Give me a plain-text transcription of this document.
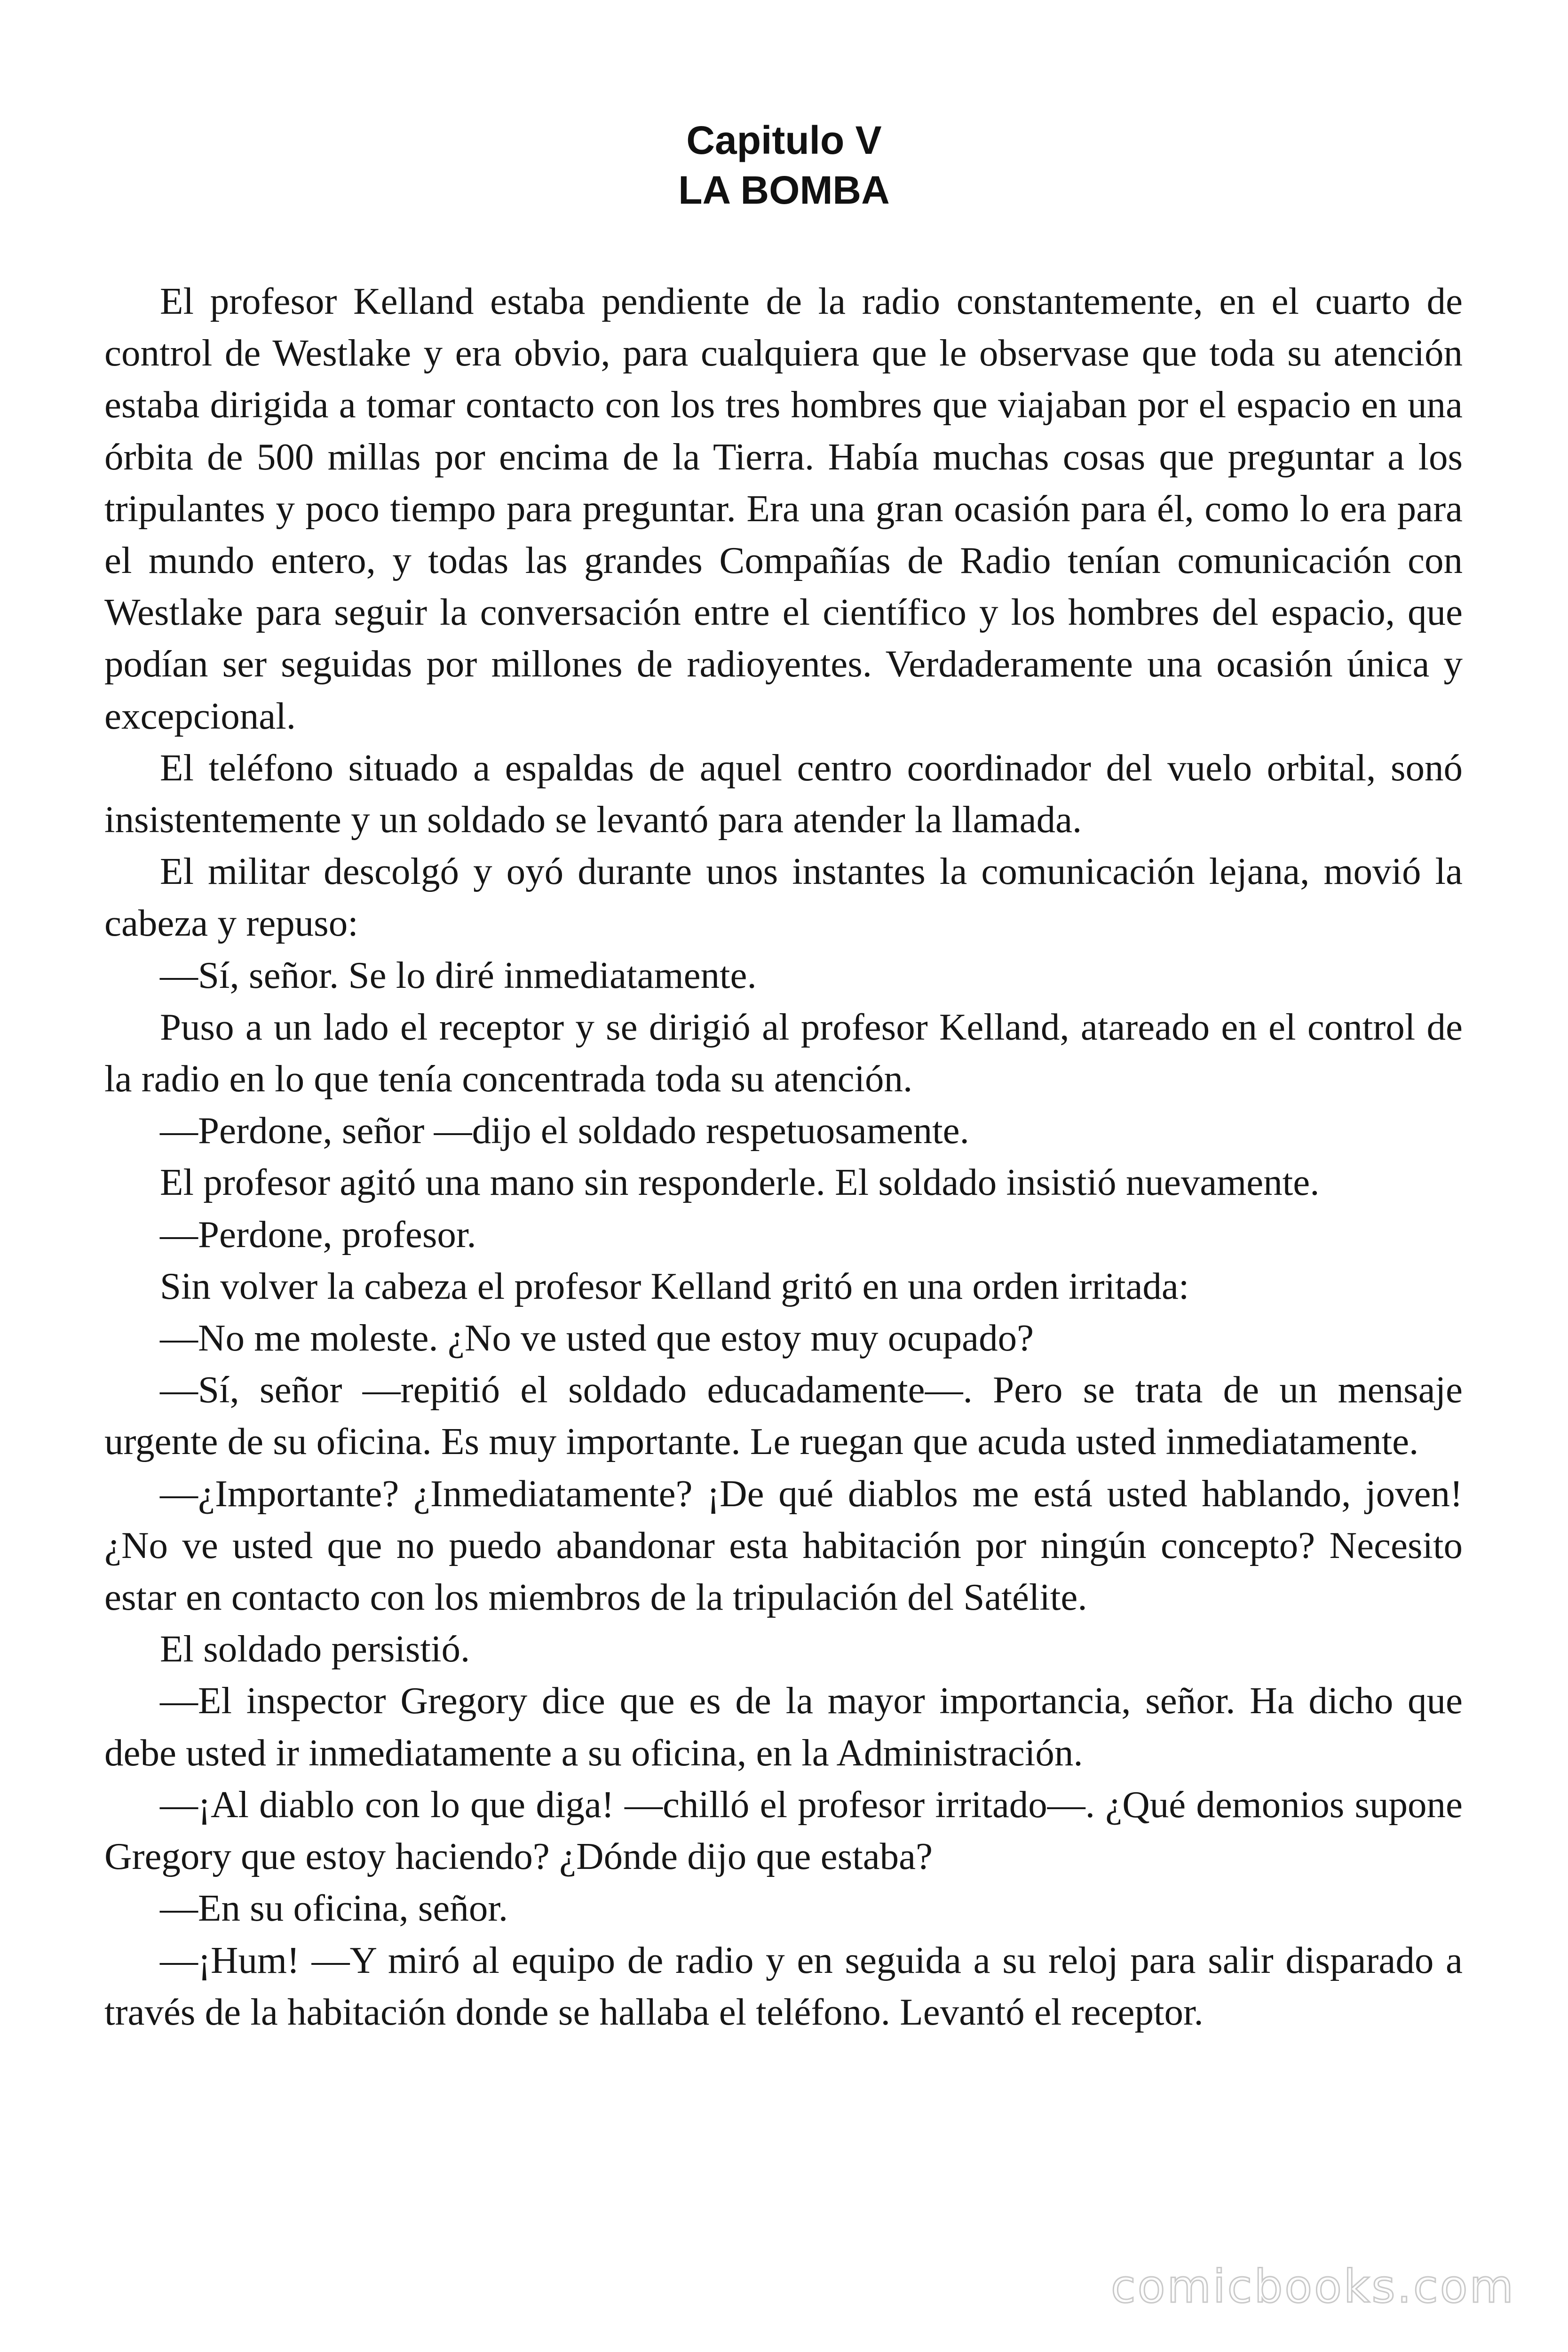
Capitulo V
LA BOMBA

El profesor Kelland estaba pendiente de la radio constantemente, en el cuarto de control de Westlake y era obvio, para cualquiera que le observase que toda su atención estaba dirigida a tomar contacto con los tres hombres que viajaban por el espacio en una órbita de 500 millas por encima de la Tierra. Había muchas cosas que preguntar a los tripulantes y poco tiempo para preguntar. Era una gran ocasión para él, como lo era para el mundo entero, y todas las grandes Compañías de Radio tenían comunicación con Westlake para seguir la conversación entre el científico y los hombres del espacio, que podían ser seguidas por millones de radioyentes. Verdaderamente una ocasión única y excepcional.

El teléfono situado a espaldas de aquel centro coordinador del vuelo orbital, sonó insistentemente y un soldado se levantó para atender la llamada.

El militar descolgó y oyó durante unos instantes la comunicación lejana, movió la cabeza y repuso:

—Sí, señor. Se lo diré inmediatamente.

Puso a un lado el receptor y se dirigió al profesor Kelland, atareado en el control de la radio en lo que tenía concentrada toda su atención.

—Perdone, señor —dijo el soldado respetuosamente.

El profesor agitó una mano sin responderle. El soldado insistió nuevamente.

—Perdone, profesor.

Sin volver la cabeza el profesor Kelland gritó en una orden irritada:

—No me moleste. ¿No ve usted que estoy muy ocupado?

—Sí, señor —repitió el soldado educadamente—. Pero se trata de un mensaje urgente de su oficina. Es muy importante. Le ruegan que acuda usted inmediatamente.

—¿Importante? ¿Inmediatamente? ¡De qué diablos me está usted hablando, joven! ¿No ve usted que no puedo abandonar esta habitación por ningún concepto? Necesito estar en contacto con los miembros de la tripulación del Satélite.

El soldado persistió.

—El inspector Gregory dice que es de la mayor importancia, señor. Ha dicho que debe usted ir inmediatamente a su oficina, en la Administración.

—¡Al diablo con lo que diga! —chilló el profesor irritado—. ¿Qué demonios supone Gregory que estoy haciendo? ¿Dónde dijo que estaba?

—En su oficina, señor.

—¡Hum! —Y miró al equipo de radio y en seguida a su reloj para salir disparado a través de la habitación donde se hallaba el teléfono. Levantó el receptor.

comicbooks.com
